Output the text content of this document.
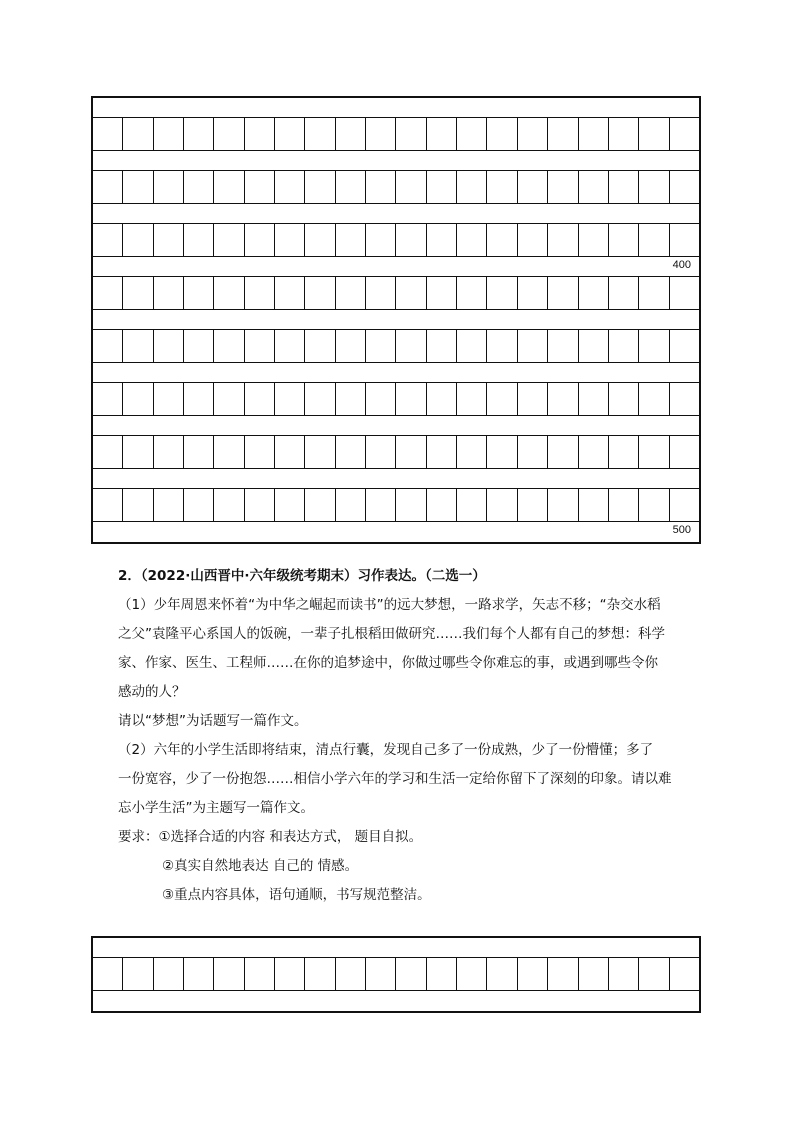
400
500

2．（2022·山西晋中·六年级统考期末）习作表达。（二选一）

（1）少年周恩来怀着“为中华之崛起而读书”的远大梦想，一路求学，矢志不移；“杂交水稻

之父”袁隆平心系国人的饭碗，一辈子扎根稻田做研究……我们每个人都有自己的梦想：科学

家、作家、医生、工程师……在你的追梦途中，你做过哪些令你难忘的事，或遇到哪些令你

感动的人？

请以“梦想”为话题写一篇作文。

（2）六年的小学生活即将结束，清点行囊，发现自己多了一份成熟，少了一份懵懂；多了

一份宽容，少了一份抱怨……相信小学六年的学习和生活一定给你留下了深刻的印象。请以难

忘小学生活”为主题写一篇作文。

要求：①选择合适的内容 和表达方式， 题目自拟。

②真实自然地表达 自己的 情感。

③重点内容具体，语句通顺，书写规范整洁。
